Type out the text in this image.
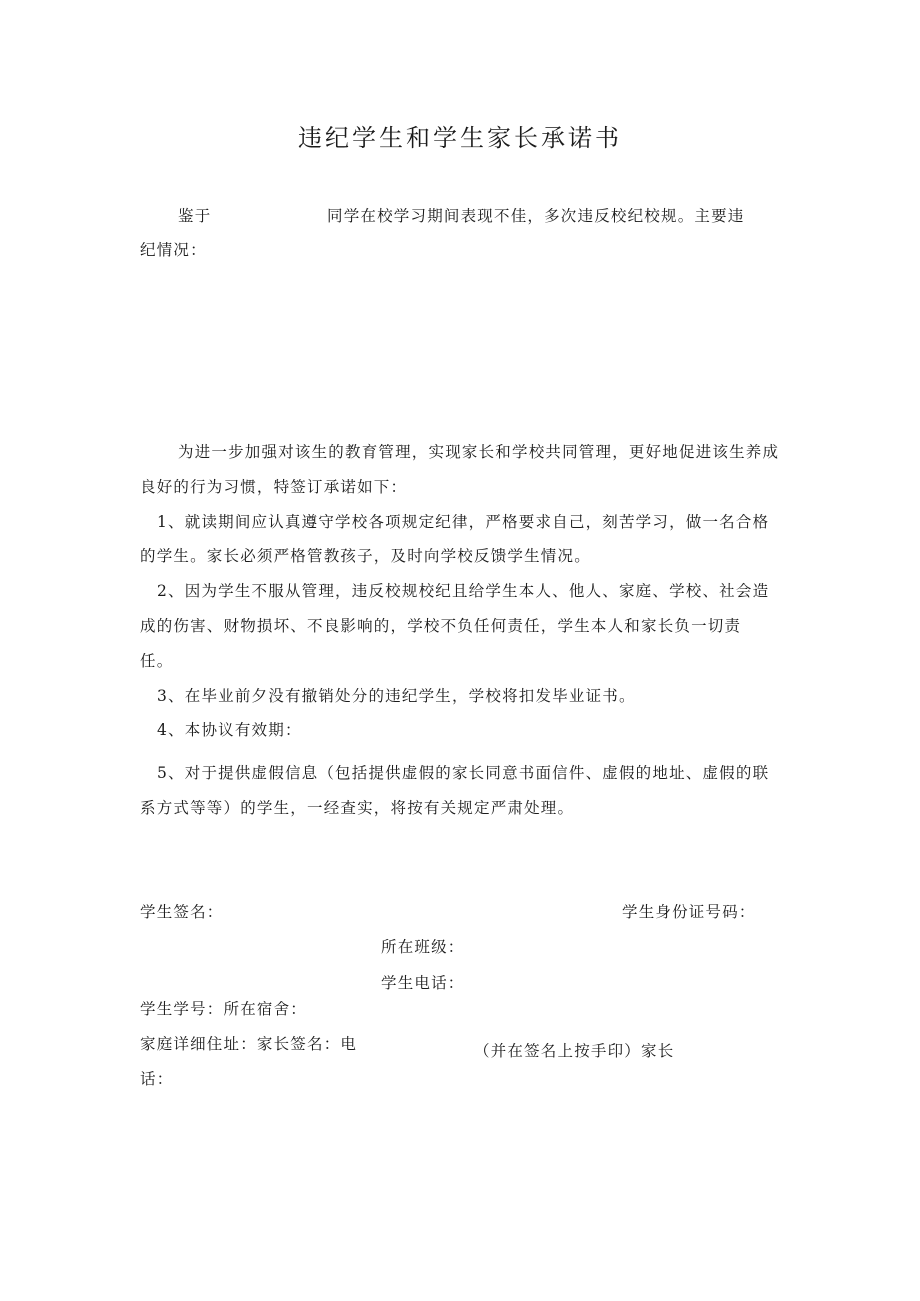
违纪学生和学生家长承诺书
鉴于	同学在校学习期间表现不佳，多次违反校纪校规。主要违
纪情况：
为进一步加强对该生的教育管理，实现家长和学校共同管理，更好地促进该生养成
良好的行为习惯，特签订承诺如下：
1、就读期间应认真遵守学校各项规定纪律，严格要求自己，刻苦学习，做一名合格
的学生。家长必须严格管教孩子，及时向学校反馈学生情况。
2、因为学生不服从管理，违反校规校纪且给学生本人、他人、家庭、学校、社会造
成的伤害、财物损坏、不良影响的，学校不负任何责任，学生本人和家长负一切责
任。
3、在毕业前夕没有撤销处分的违纪学生，学校将扣发毕业证书。
4、本协议有效期：
5、对于提供虚假信息（包括提供虚假的家长同意书面信件、虚假的地址、虚假的联
系方式等等）的学生，一经查实，将按有关规定严肃处理。
学生签名：	学生身份证号码：
所在班级：
学生电话：
学生学号：所在宿舍：
家庭详细住址：家长签名：电	（并在签名上按手印）家长
话：
